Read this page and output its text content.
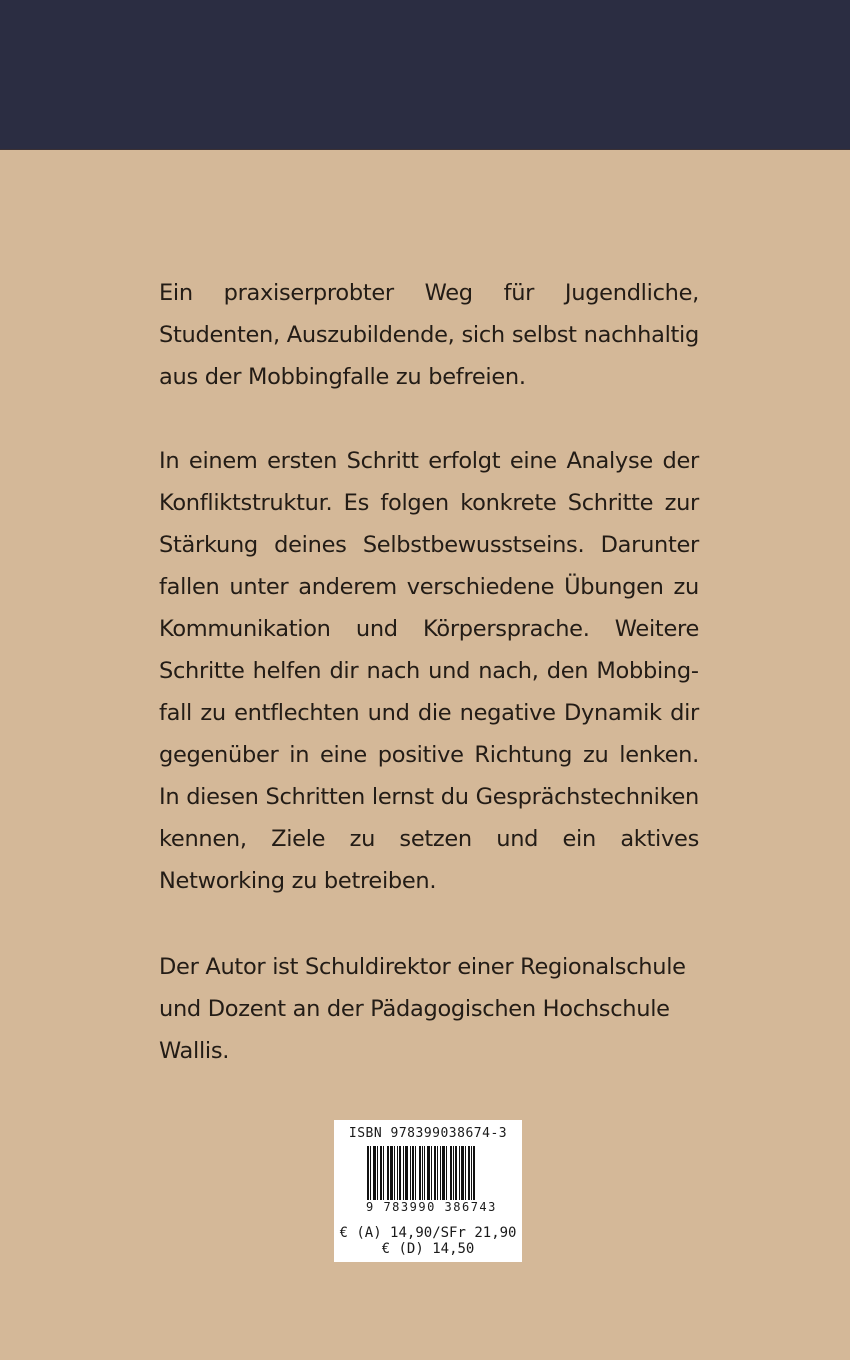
Ein praxiserprobter Weg für Jugendliche, Studenten, Auszubildende, sich selbst nachhaltig aus der Mobbingfalle zu befreien.

In einem ersten Schritt erfolgt eine Analyse der Konfliktstruktur. Es folgen konkrete Schritte zur Stärkung deines Selbstbewusstseins. Darunter fallen unter anderem verschiedene Übungen zu Kommunikation und Körpersprache. Weitere Schritte helfen dir nach und nach, den Mobbingfall zu entflechten und die negative Dynamik dir gegenüber in eine positive Richtung zu lenken. In diesen Schritten lernst du Gesprächstechniken kennen, Ziele zu setzen und ein aktives Networking zu betreiben.

Der Autor ist Schuldirektor einer Regionalschule und Dozent an der Pädagogischen Hochschule Wallis.

ISBN 978399038674-3
9 783990 386743
€ (A) 14,90/SFr 21,90
€ (D) 14,50
